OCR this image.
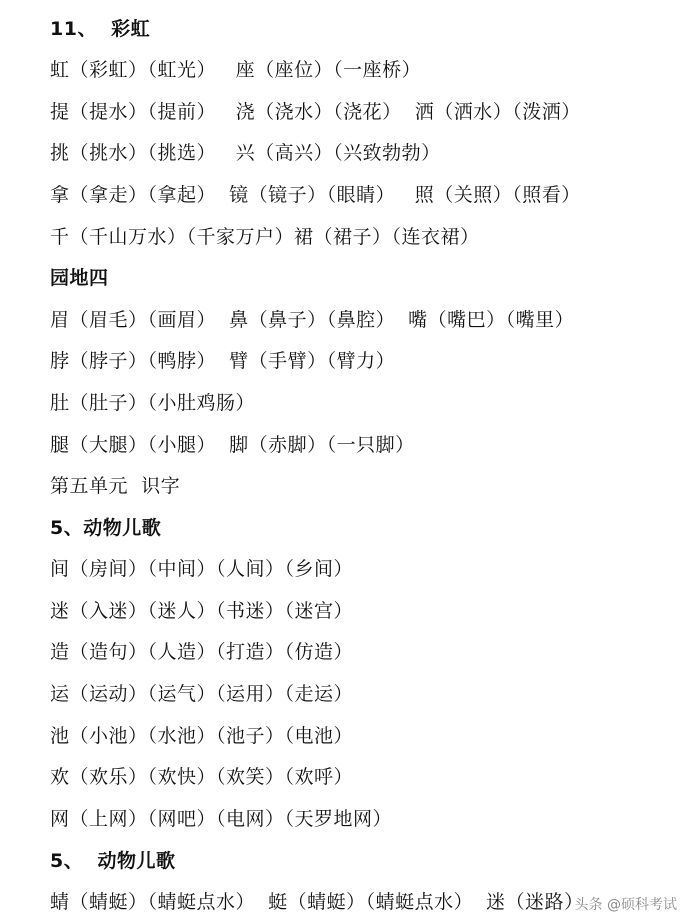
11、  彩虹
虹（彩虹）（虹光）   座（座位）（一座桥）
提（提水）（提前）   浇（浇水）（浇花）  洒（洒水）（泼洒）
挑（挑水）（挑选）   兴（高兴）（兴致勃勃）
拿（拿走）（拿起）  镜（镜子）（眼睛）   照（关照）（照看）
千（千山万水）（千家万户）裙（裙子）（连衣裙）
园地四
眉（眉毛）（画眉）  鼻（鼻子）（鼻腔）  嘴（嘴巴）（嘴里）
脖（脖子）（鸭脖）  臂（手臂）（臂力）
肚（肚子）（小肚鸡肠）
腿（大腿）（小腿）  脚（赤脚）（一只脚）
第五单元  识字
5、动物儿歌
间（房间）（中间）（人间）（乡间）
迷（入迷）（迷人）（书迷）（迷宫）
造（造句）（人造）（打造）（仿造）
运（运动）（运气）（运用）（走运）
池（小池）（水池）（池子）（电池）
欢（欢乐）（欢快）（欢笑）（欢呼）
网（上网）（网吧）（电网）（天罗地网）
5、  动物儿歌
蜻（蜻蜓）（蜻蜓点水）  蜓（蜻蜓）（蜻蜓点水）  迷（迷路）
头条 @硕科考试
